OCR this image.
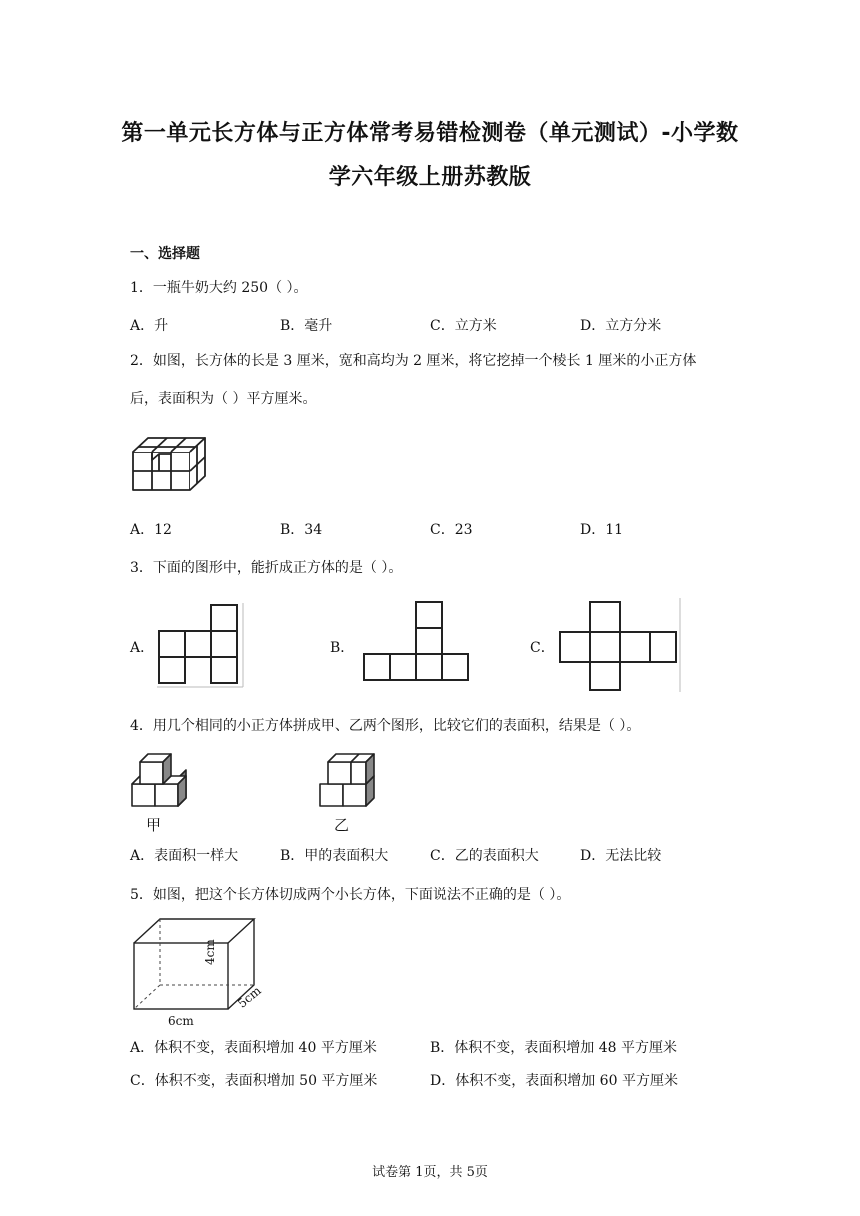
第一单元长方体与正方体常考易错检测卷（单元测试）-小学数
学六年级上册苏教版
一、选择题
1．一瓶牛奶大约 250（ ）。
A．升	B．毫升	C．立方米	D．立方分米
2．如图，长方体的长是 3 厘米，宽和高均为 2 厘米，将它挖掉一个棱长 1 厘米的小正方体
后，表面积为（ ）平方厘米。
A．12	B．34	C．23	D．11
3．下面的图形中，能折成正方体的是（ ）。
A．	B．	C．
4．用几个相同的小正方体拼成甲、乙两个图形，比较它们的表面积，结果是（ ）。
甲	乙
A．表面积一样大	B．甲的表面积大	C．乙的表面积大	D．无法比较
5．如图，把这个长方体切成两个小长方体，下面说法不正确的是（ ）。
6cm
4cm
5cm
A．体积不变，表面积增加 40 平方厘米	B．体积不变，表面积增加 48 平方厘米
C．体积不变，表面积增加 50 平方厘米	D．体积不变，表面积增加 60 平方厘米
试卷第 1页，共 5页
